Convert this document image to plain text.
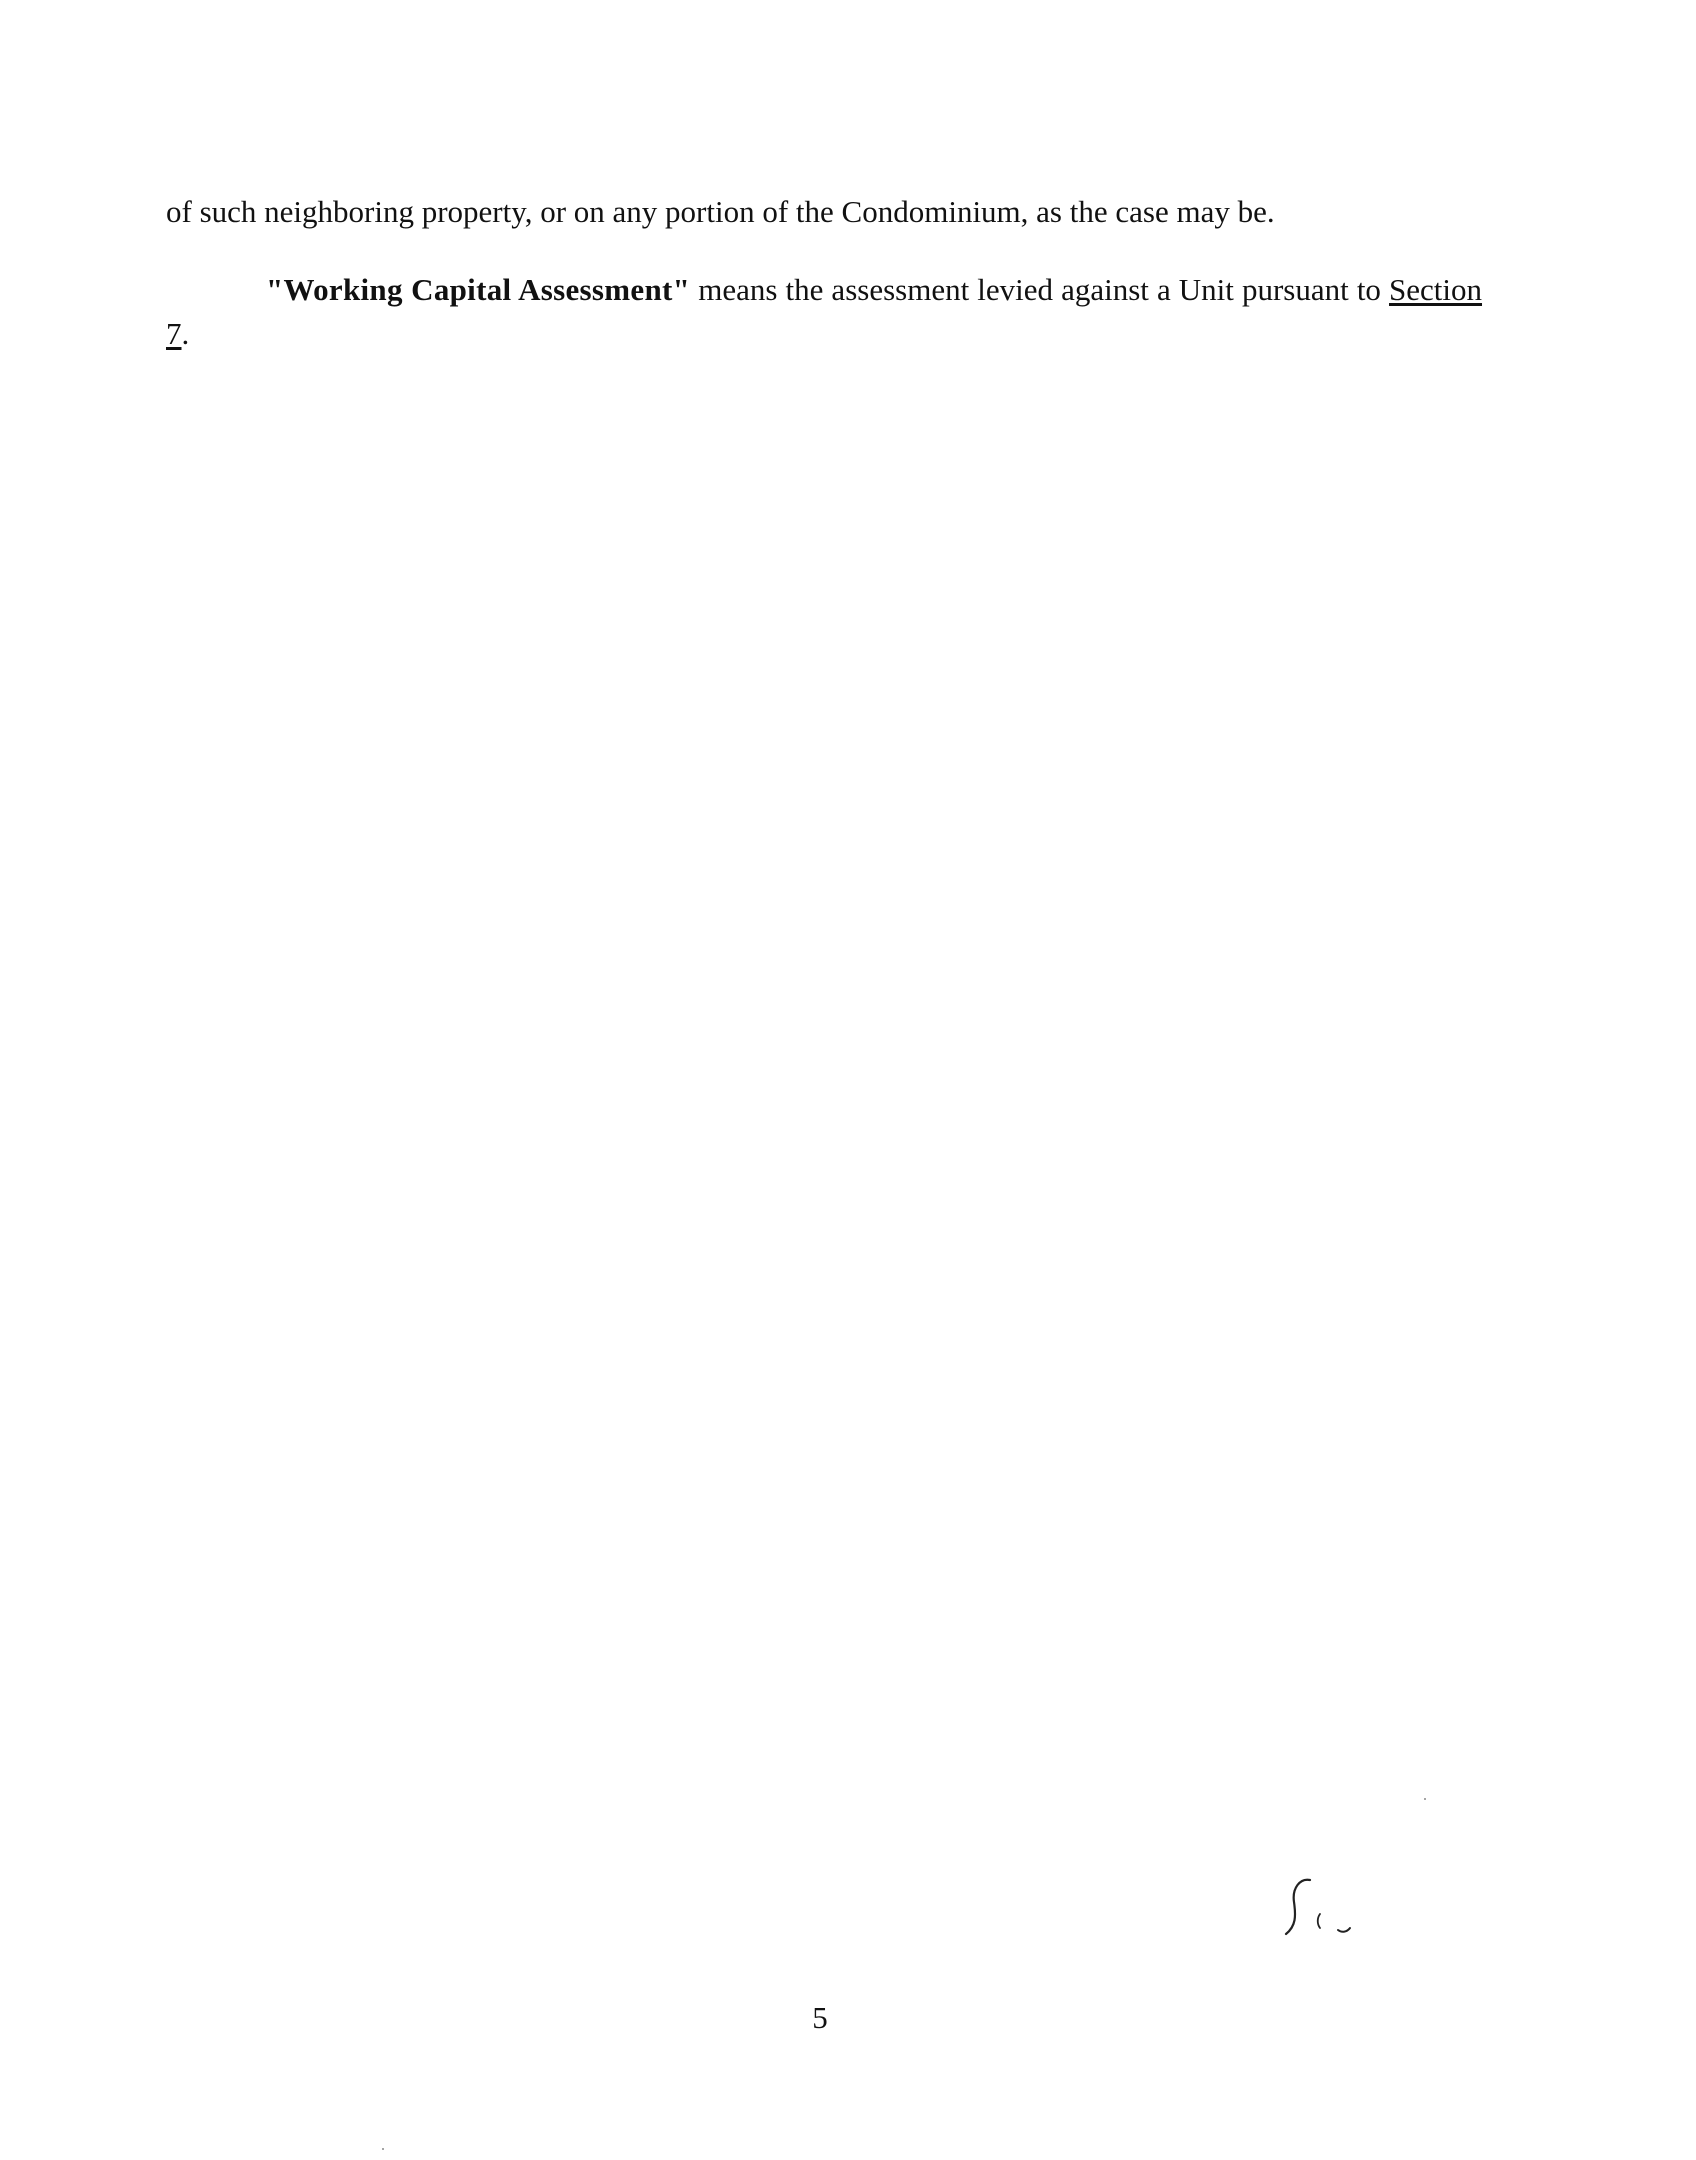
of such neighboring property, or on any portion of the Condominium, as the case may be.
"Working Capital Assessment" means the assessment levied against a Unit pursuant to Section 7.
5
